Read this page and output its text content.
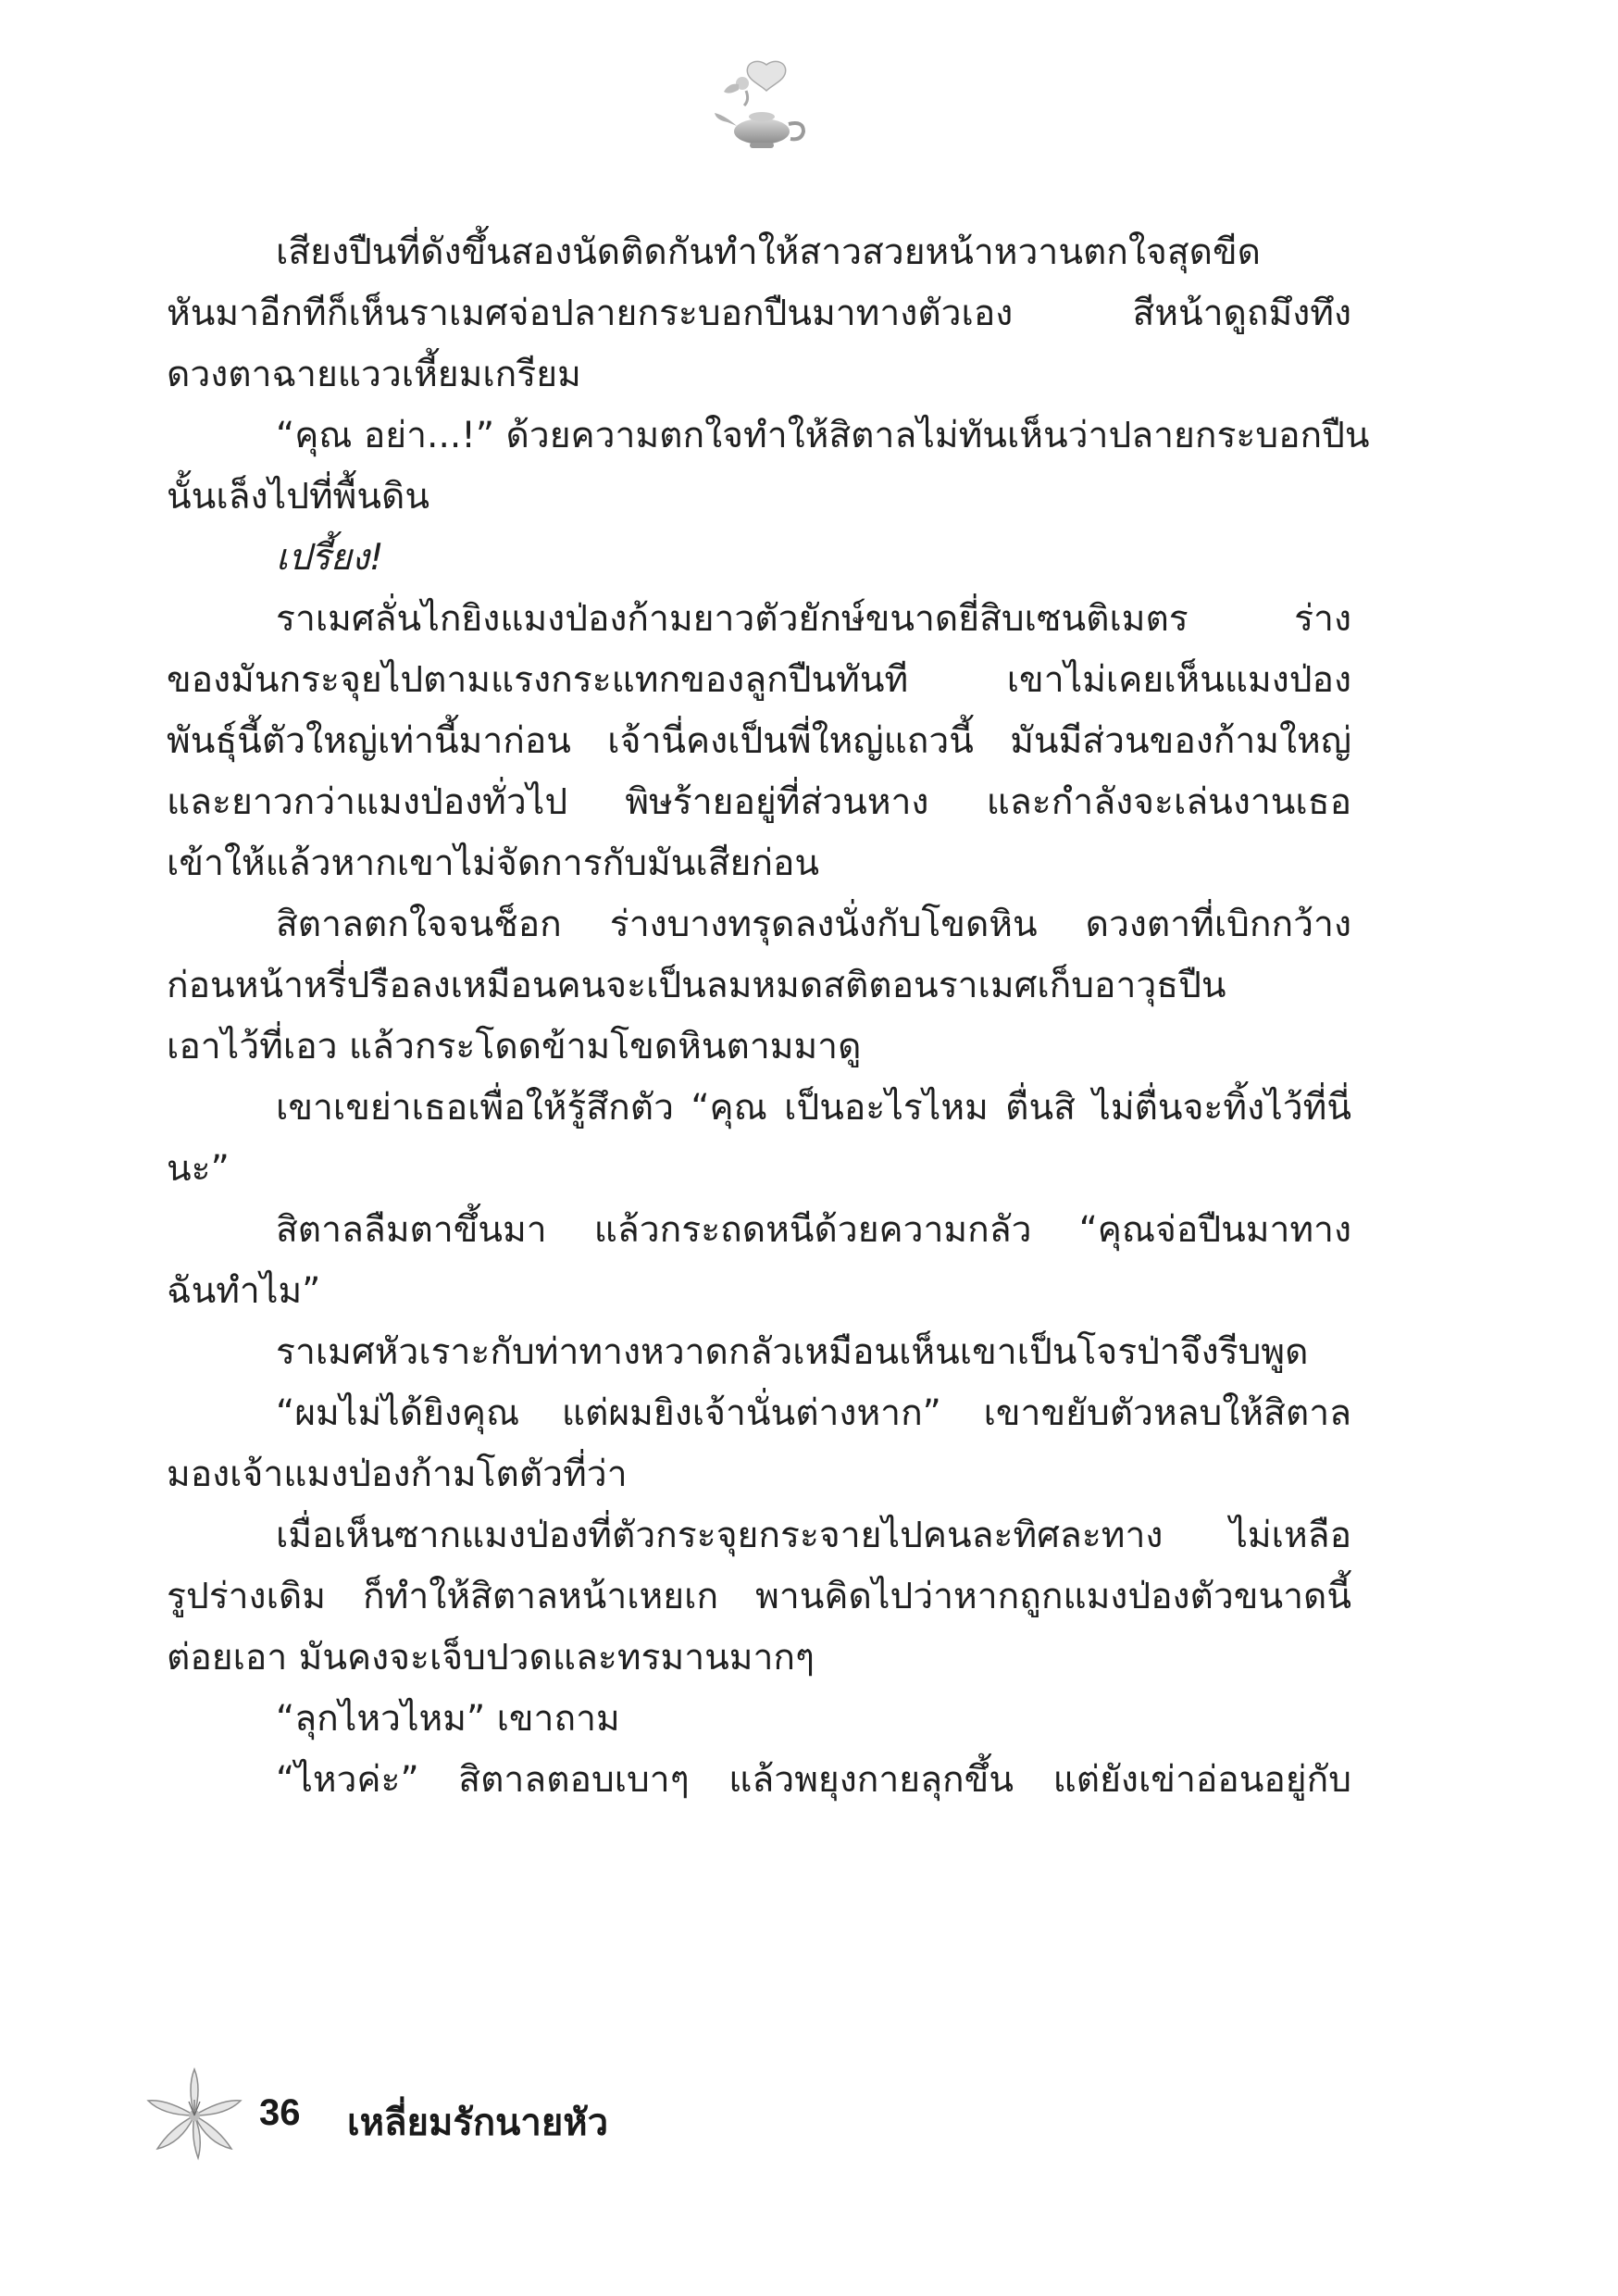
เสียงปืนที่ดังขึ้นสองนัดติดกันทำให้สาวสวยหน้าหวานตกใจสุดขีด
หันมาอีกทีก็เห็นราเมศจ่อปลายกระบอกปืนมาทางตัวเอง สีหน้าดูถมึงทึง
ดวงตาฉายแววเหี้ยมเกรียม
“คุณ อย่า...!” ด้วยความตกใจทำให้สิตาลไม่ทันเห็นว่าปลายกระบอกปืน
นั้นเล็งไปที่พื้นดิน
เปรี้ยง!
ราเมศลั่นไกยิงแมงป่องก้ามยาวตัวยักษ์ขนาดยี่สิบเซนติเมตร ร่าง
ของมันกระจุยไปตามแรงกระแทกของลูกปืนทันที เขาไม่เคยเห็นแมงป่อง
พันธุ์นี้ตัวใหญ่เท่านี้มาก่อน เจ้านี่คงเป็นพี่ใหญ่แถวนี้ มันมีส่วนของก้ามใหญ่
และยาวกว่าแมงป่องทั่วไป พิษร้ายอยู่ที่ส่วนหาง และกำลังจะเล่นงานเธอ
เข้าให้แล้วหากเขาไม่จัดการกับมันเสียก่อน
สิตาลตกใจจนช็อก ร่างบางทรุดลงนั่งกับโขดหิน ดวงตาที่เบิกกว้าง
ก่อนหน้าหรี่ปรือลงเหมือนคนจะเป็นลมหมดสติตอนราเมศเก็บอาวุธปืน
เอาไว้ที่เอว แล้วกระโดดข้ามโขดหินตามมาดู
เขาเขย่าเธอเพื่อให้รู้สึกตัว “คุณ เป็นอะไรไหม ตื่นสิ ไม่ตื่นจะทิ้งไว้ที่นี่
นะ”
สิตาลลืมตาขึ้นมา แล้วกระถดหนีด้วยความกลัว “คุณจ่อปืนมาทาง
ฉันทำไม”
ราเมศหัวเราะกับท่าทางหวาดกลัวเหมือนเห็นเขาเป็นโจรป่าจึงรีบพูด
“ผมไม่ได้ยิงคุณ แต่ผมยิงเจ้านั่นต่างหาก” เขาขยับตัวหลบให้สิตาล
มองเจ้าแมงป่องก้ามโตตัวที่ว่า
เมื่อเห็นซากแมงป่องที่ตัวกระจุยกระจายไปคนละทิศละทาง ไม่เหลือ
รูปร่างเดิม ก็ทำให้สิตาลหน้าเหยเก พานคิดไปว่าหากถูกแมงป่องตัวขนาดนี้
ต่อยเอา มันคงจะเจ็บปวดและทรมานมากๆ
“ลุกไหวไหม” เขาถาม
“ไหวค่ะ” สิตาลตอบเบาๆ แล้วพยุงกายลุกขึ้น แต่ยังเข่าอ่อนอยู่กับ
36 เหลี่ยมรักนายหัว
